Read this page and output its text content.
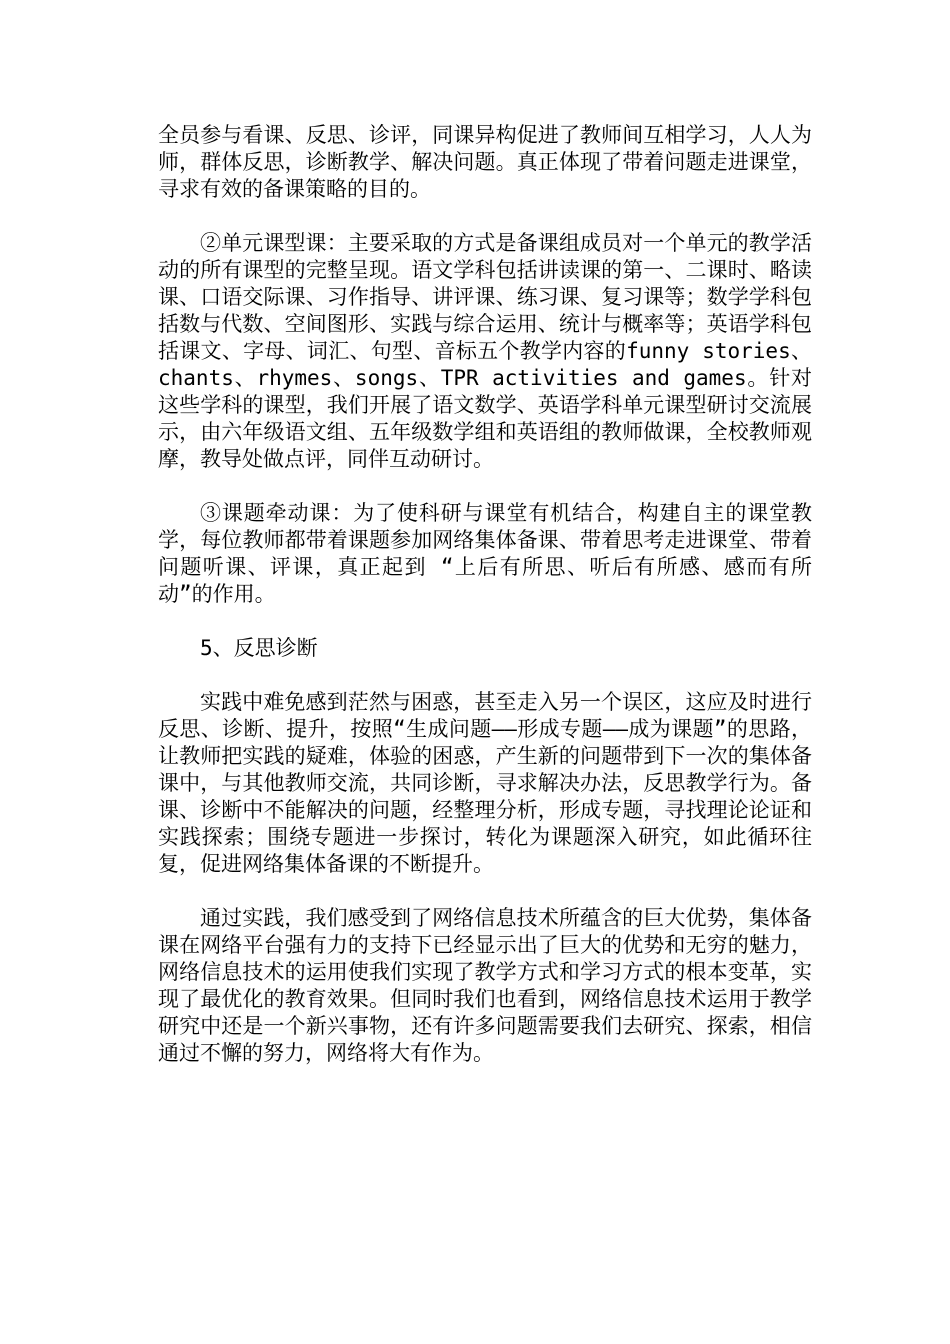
全员参与看课、反思、诊评，同课异构促进了教师间互相学习，人人为师，群体反思，诊断教学、解决问题。真正体现了带着问题走进课堂，寻求有效的备课策略的目的。

②单元课型课：主要采取的方式是备课组成员对一个单元的教学活动的所有课型的完整呈现。语文学科包括讲读课的第一、二课时、略读课、口语交际课、习作指导、讲评课、练习课、复习课等；数学学科包括数与代数、空间图形、实践与综合运用、统计与概率等；英语学科包括课文、字母、词汇、句型、音标五个教学内容的funny stories、chants、rhymes、songs、TPR activities and games。针对这些学科的课型，我们开展了语文数学、英语学科单元课型研讨交流展示，由六年级语文组、五年级数学组和英语组的教师做课，全校教师观摩，教导处做点评，同伴互动研讨。

③课题牵动课：为了使科研与课堂有机结合，构建自主的课堂教学，每位教师都带着课题参加网络集体备课、带着思考走进课堂、带着问题听课、评课，真正起到 “上后有所思、听后有所感、感而有所动”的作用。

5、反思诊断

实践中难免感到茫然与困惑，甚至走入另一个误区，这应及时进行反思、诊断、提升，按照“生成问题——形成专题——成为课题”的思路，让教师把实践的疑难，体验的困惑，产生新的问题带到下一次的集体备课中，与其他教师交流，共同诊断，寻求解决办法，反思教学行为。备课、诊断中不能解决的问题，经整理分析，形成专题，寻找理论论证和实践探索；围绕专题进一步探讨，转化为课题深入研究，如此循环往复，促进网络集体备课的不断提升。

通过实践，我们感受到了网络信息技术所蕴含的巨大优势，集体备课在网络平台强有力的支持下已经显示出了巨大的优势和无穷的魅力，网络信息技术的运用使我们实现了教学方式和学习方式的根本变革，实现了最优化的教育效果。但同时我们也看到，网络信息技术运用于教学研究中还是一个新兴事物，还有许多问题需要我们去研究、探索，相信通过不懈的努力，网络将大有作为。
